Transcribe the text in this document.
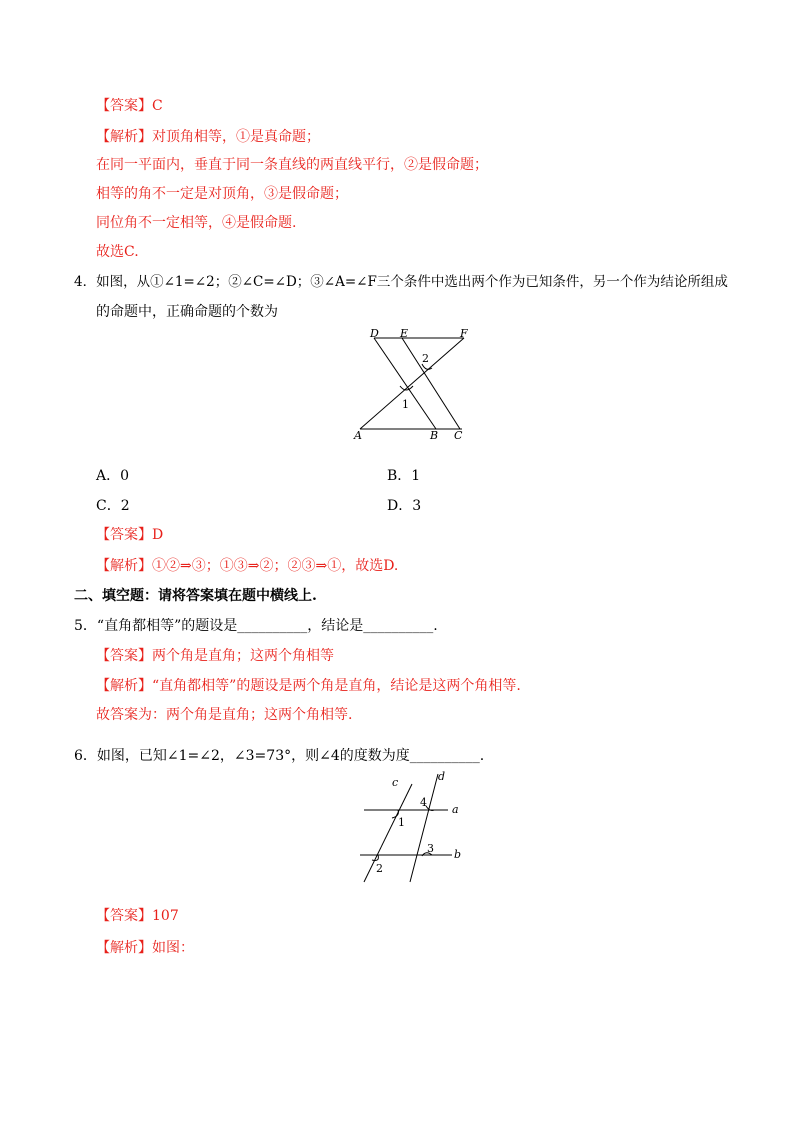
【答案】C
【解析】对顶角相等，①是真命题；
在同一平面内，垂直于同一条直线的两直线平行，②是假命题；
相等的角不一定是对顶角，③是假命题；
同位角不一定相等，④是假命题.
故选C.
4．如图，从①∠1=∠2；②∠C=∠D；③∠A=∠F三个条件中选出两个作为已知条件，另一个作为结论所组成
的命题中，正确命题的个数为
D E	F
A	B C
1
2
A．0	B．1
C．2	D．3
【答案】D
【解析】①②⇒③；①③⇒②；②③⇒①，故选D.
二、填空题：请将答案填在题中横线上.
5．“直角都相等”的题设是__________，结论是__________.
【答案】两个角是直角；这两个角相等
【解析】“直角都相等”的题设是两个角是直角，结论是这两个角相等.
故答案为：两个角是直角；这两个角相等.
6．如图，已知∠1=∠2，∠3=73°，则∠4的度数为度__________.
c	d
a
b
4
1
3
2
【答案】107
【解析】如图：
